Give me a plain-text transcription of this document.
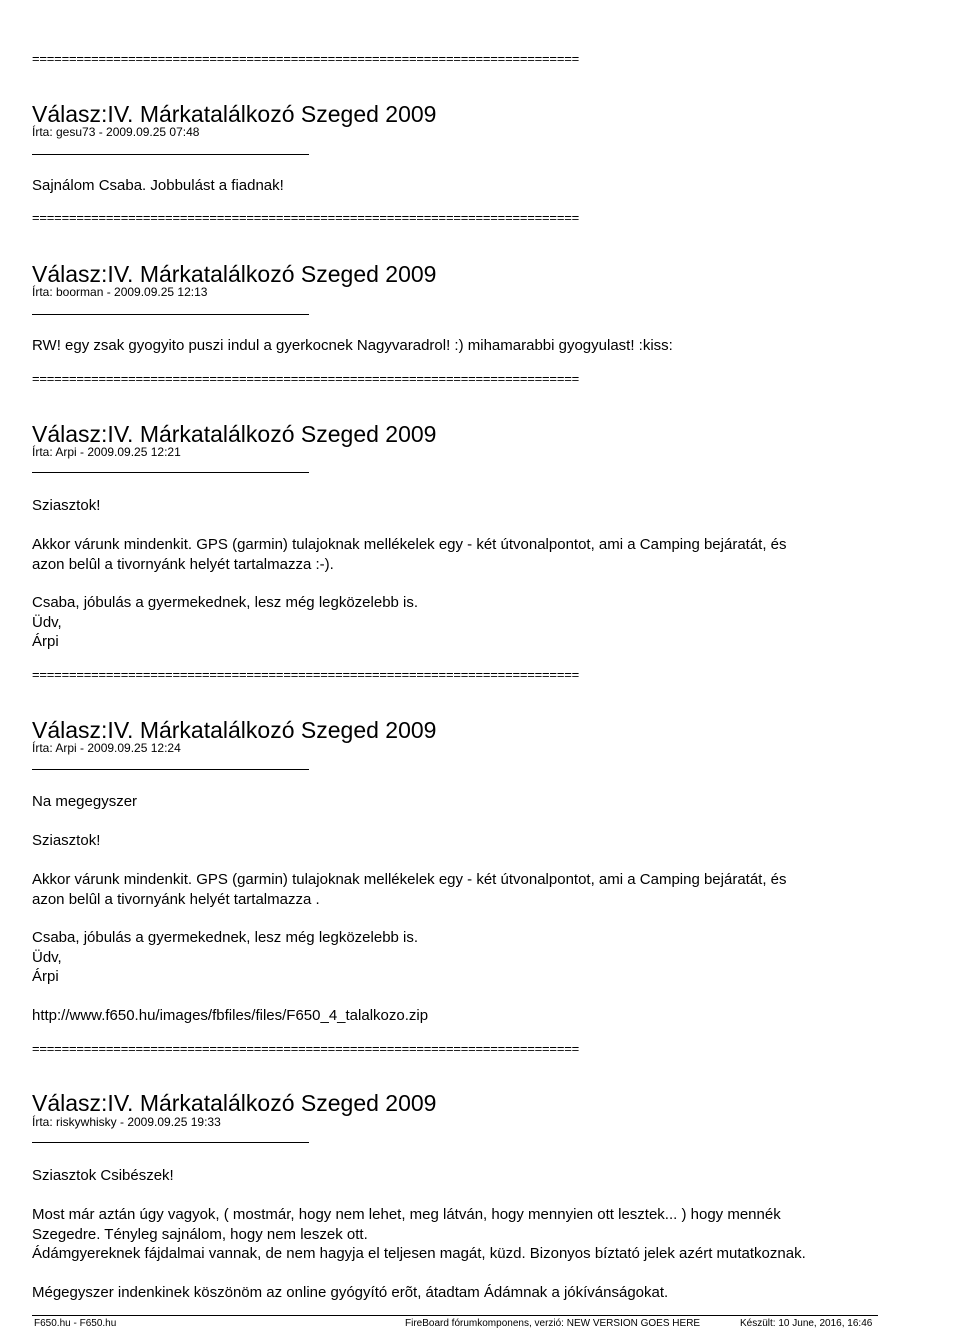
==========================================================================
Válasz:IV. Márkatalálkozó Szeged 2009
Írta: gesu73 - 2009.09.25 07:48
Sajnálom Csaba. Jobbulást a fiadnak!
==========================================================================
Válasz:IV. Márkatalálkozó Szeged 2009
Írta: boorman - 2009.09.25 12:13
RW! egy zsak gyogyito puszi indul a gyerkocnek Nagyvaradrol! :) mihamarabbi gyogyulast! :kiss:
==========================================================================
Válasz:IV. Márkatalálkozó Szeged 2009
Írta: Arpi - 2009.09.25 12:21
Sziasztok!
Akkor várunk mindenkit. GPS (garmin) tulajoknak mellékelek egy - két útvonalpontot, ami a Camping bejáratát, és
azon belûl a tivornyánk helyét tartalmazza :-).
Csaba, jóbulás a gyermekednek, lesz még legközelebb is.
Üdv,
Árpi
==========================================================================
Válasz:IV. Márkatalálkozó Szeged 2009
Írta: Arpi - 2009.09.25 12:24
Na megegyszer
Sziasztok!
Akkor várunk mindenkit. GPS (garmin) tulajoknak mellékelek egy - két útvonalpontot, ami a Camping bejáratát, és
azon belûl a tivornyánk helyét tartalmazza .
Csaba, jóbulás a gyermekednek, lesz még legközelebb is.
Üdv,
Árpi
http://www.f650.hu/images/fbfiles/files/F650_4_talalkozo.zip
==========================================================================
Válasz:IV. Márkatalálkozó Szeged 2009
Írta: riskywhisky - 2009.09.25 19:33
Sziasztok Csibészek!
Most már aztán úgy vagyok, ( mostmár, hogy nem lehet, meg látván, hogy mennyien ott lesztek... ) hogy mennék
Szegedre. Tényleg sajnálom, hogy nem leszek ott.
Ádámgyereknek fájdalmai vannak, de nem hagyja el teljesen magát, küzd. Bizonyos bíztató jelek azért mutatkoznak.
Mégegyszer indenkinek köszönöm az online gyógyító erõt, átadtam Ádámnak a jókívánságokat.
F650.hu - F650.hu	FireBoard fórumkomponens, verzió: NEW VERSION GOES HERE	Készült: 10 June, 2016, 16:46
